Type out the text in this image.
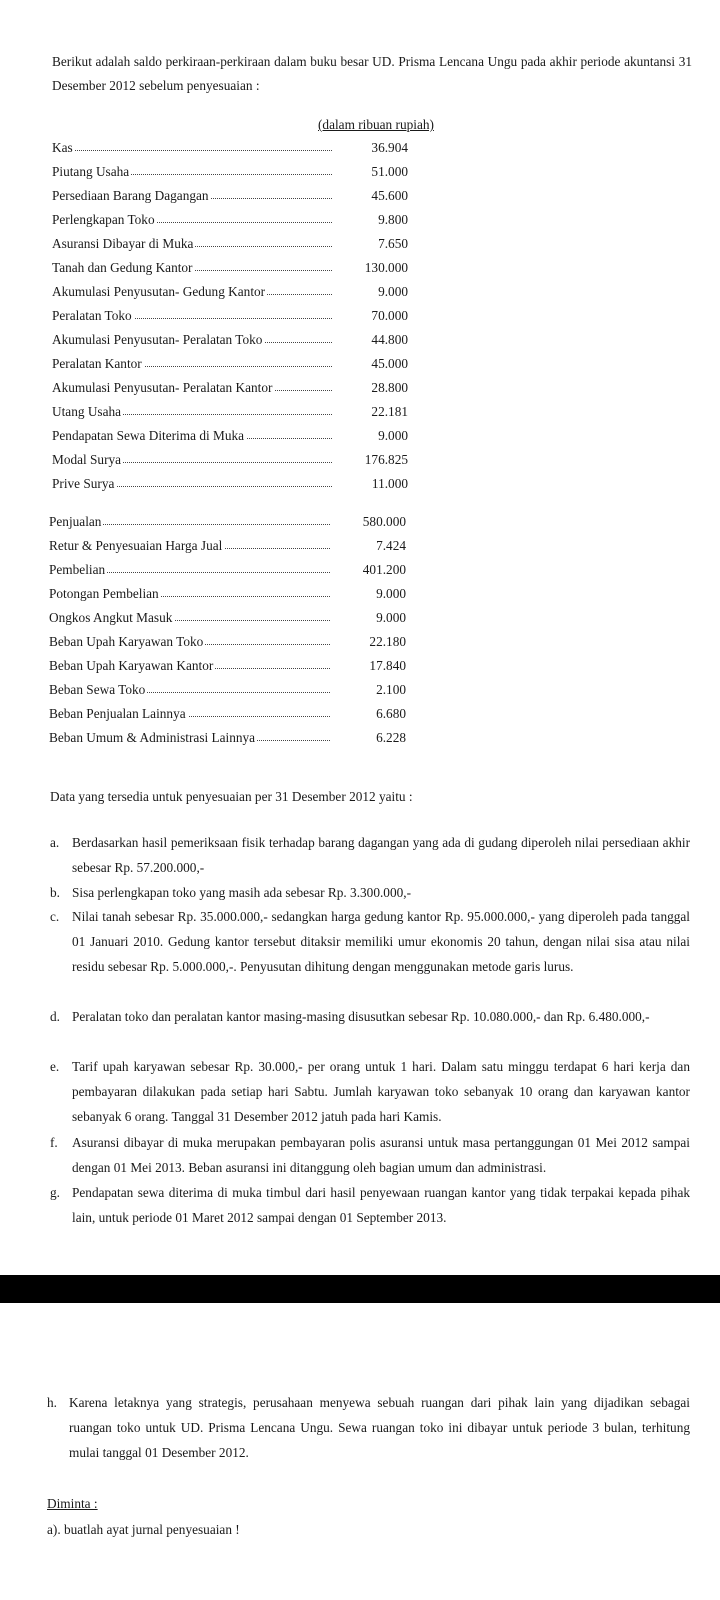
Berikut adalah saldo perkiraan-perkiraan dalam buku besar UD. Prisma Lencana Ungu pada akhir periode akuntansi 31 Desember 2012 sebelum penyesuaian :
(dalam ribuan rupiah)
Kas	36.904
Piutang Usaha	51.000
Persediaan Barang Dagangan	45.600
Perlengkapan Toko	9.800
Asuransi Dibayar di Muka	7.650
Tanah dan Gedung Kantor	130.000
Akumulasi Penyusutan- Gedung Kantor	9.000
Peralatan Toko	70.000
Akumulasi Penyusutan- Peralatan Toko	44.800
Peralatan Kantor	45.000
Akumulasi Penyusutan- Peralatan Kantor	28.800
Utang Usaha	22.181
Pendapatan Sewa Diterima di Muka	9.000
Modal Surya	176.825
Prive Surya	11.000
Penjualan	580.000
Retur & Penyesuaian Harga Jual	7.424
Pembelian	401.200
Potongan Pembelian	9.000
Ongkos Angkut Masuk	9.000
Beban Upah Karyawan Toko	22.180
Beban Upah Karyawan Kantor	17.840
Beban Sewa Toko	2.100
Beban Penjualan Lainnya	6.680
Beban Umum & Administrasi Lainnya	6.228
Data yang tersedia untuk penyesuaian per 31 Desember 2012 yaitu :
a. Berdasarkan hasil pemeriksaan fisik terhadap barang dagangan yang ada di gudang diperoleh nilai persediaan akhir sebesar Rp. 57.200.000,-
b. Sisa perlengkapan toko yang masih ada sebesar Rp. 3.300.000,-
c. Nilai tanah sebesar Rp. 35.000.000,- sedangkan harga gedung kantor Rp. 95.000.000,- yang diperoleh pada tanggal 01 Januari 2010. Gedung kantor tersebut ditaksir memiliki umur ekonomis 20 tahun, dengan nilai sisa atau nilai residu sebesar Rp. 5.000.000,-. Penyusutan dihitung dengan menggunakan metode garis lurus.
d. Peralatan toko dan peralatan kantor masing-masing disusutkan sebesar Rp. 10.080.000,- dan Rp. 6.480.000,-
e. Tarif upah karyawan sebesar Rp. 30.000,- per orang untuk 1 hari. Dalam satu minggu terdapat 6 hari kerja dan pembayaran dilakukan pada setiap hari Sabtu. Jumlah karyawan toko sebanyak 10 orang dan karyawan kantor sebanyak 6 orang. Tanggal 31 Desember 2012 jatuh pada hari Kamis.
f. Asuransi dibayar di muka merupakan pembayaran polis asuransi untuk masa pertanggungan 01 Mei 2012 sampai dengan 01 Mei 2013. Beban asuransi ini ditanggung oleh bagian umum dan administrasi.
g. Pendapatan sewa diterima di muka timbul dari hasil penyewaan ruangan kantor yang tidak terpakai kepada pihak lain, untuk periode 01 Maret 2012 sampai dengan 01 September 2013.
h. Karena letaknya yang strategis, perusahaan menyewa sebuah ruangan dari pihak lain yang dijadikan sebagai ruangan toko untuk UD. Prisma Lencana Ungu. Sewa ruangan toko ini dibayar untuk periode 3 bulan, terhitung mulai tanggal 01 Desember 2012.
Diminta :
a). buatlah ayat jurnal penyesuaian !
